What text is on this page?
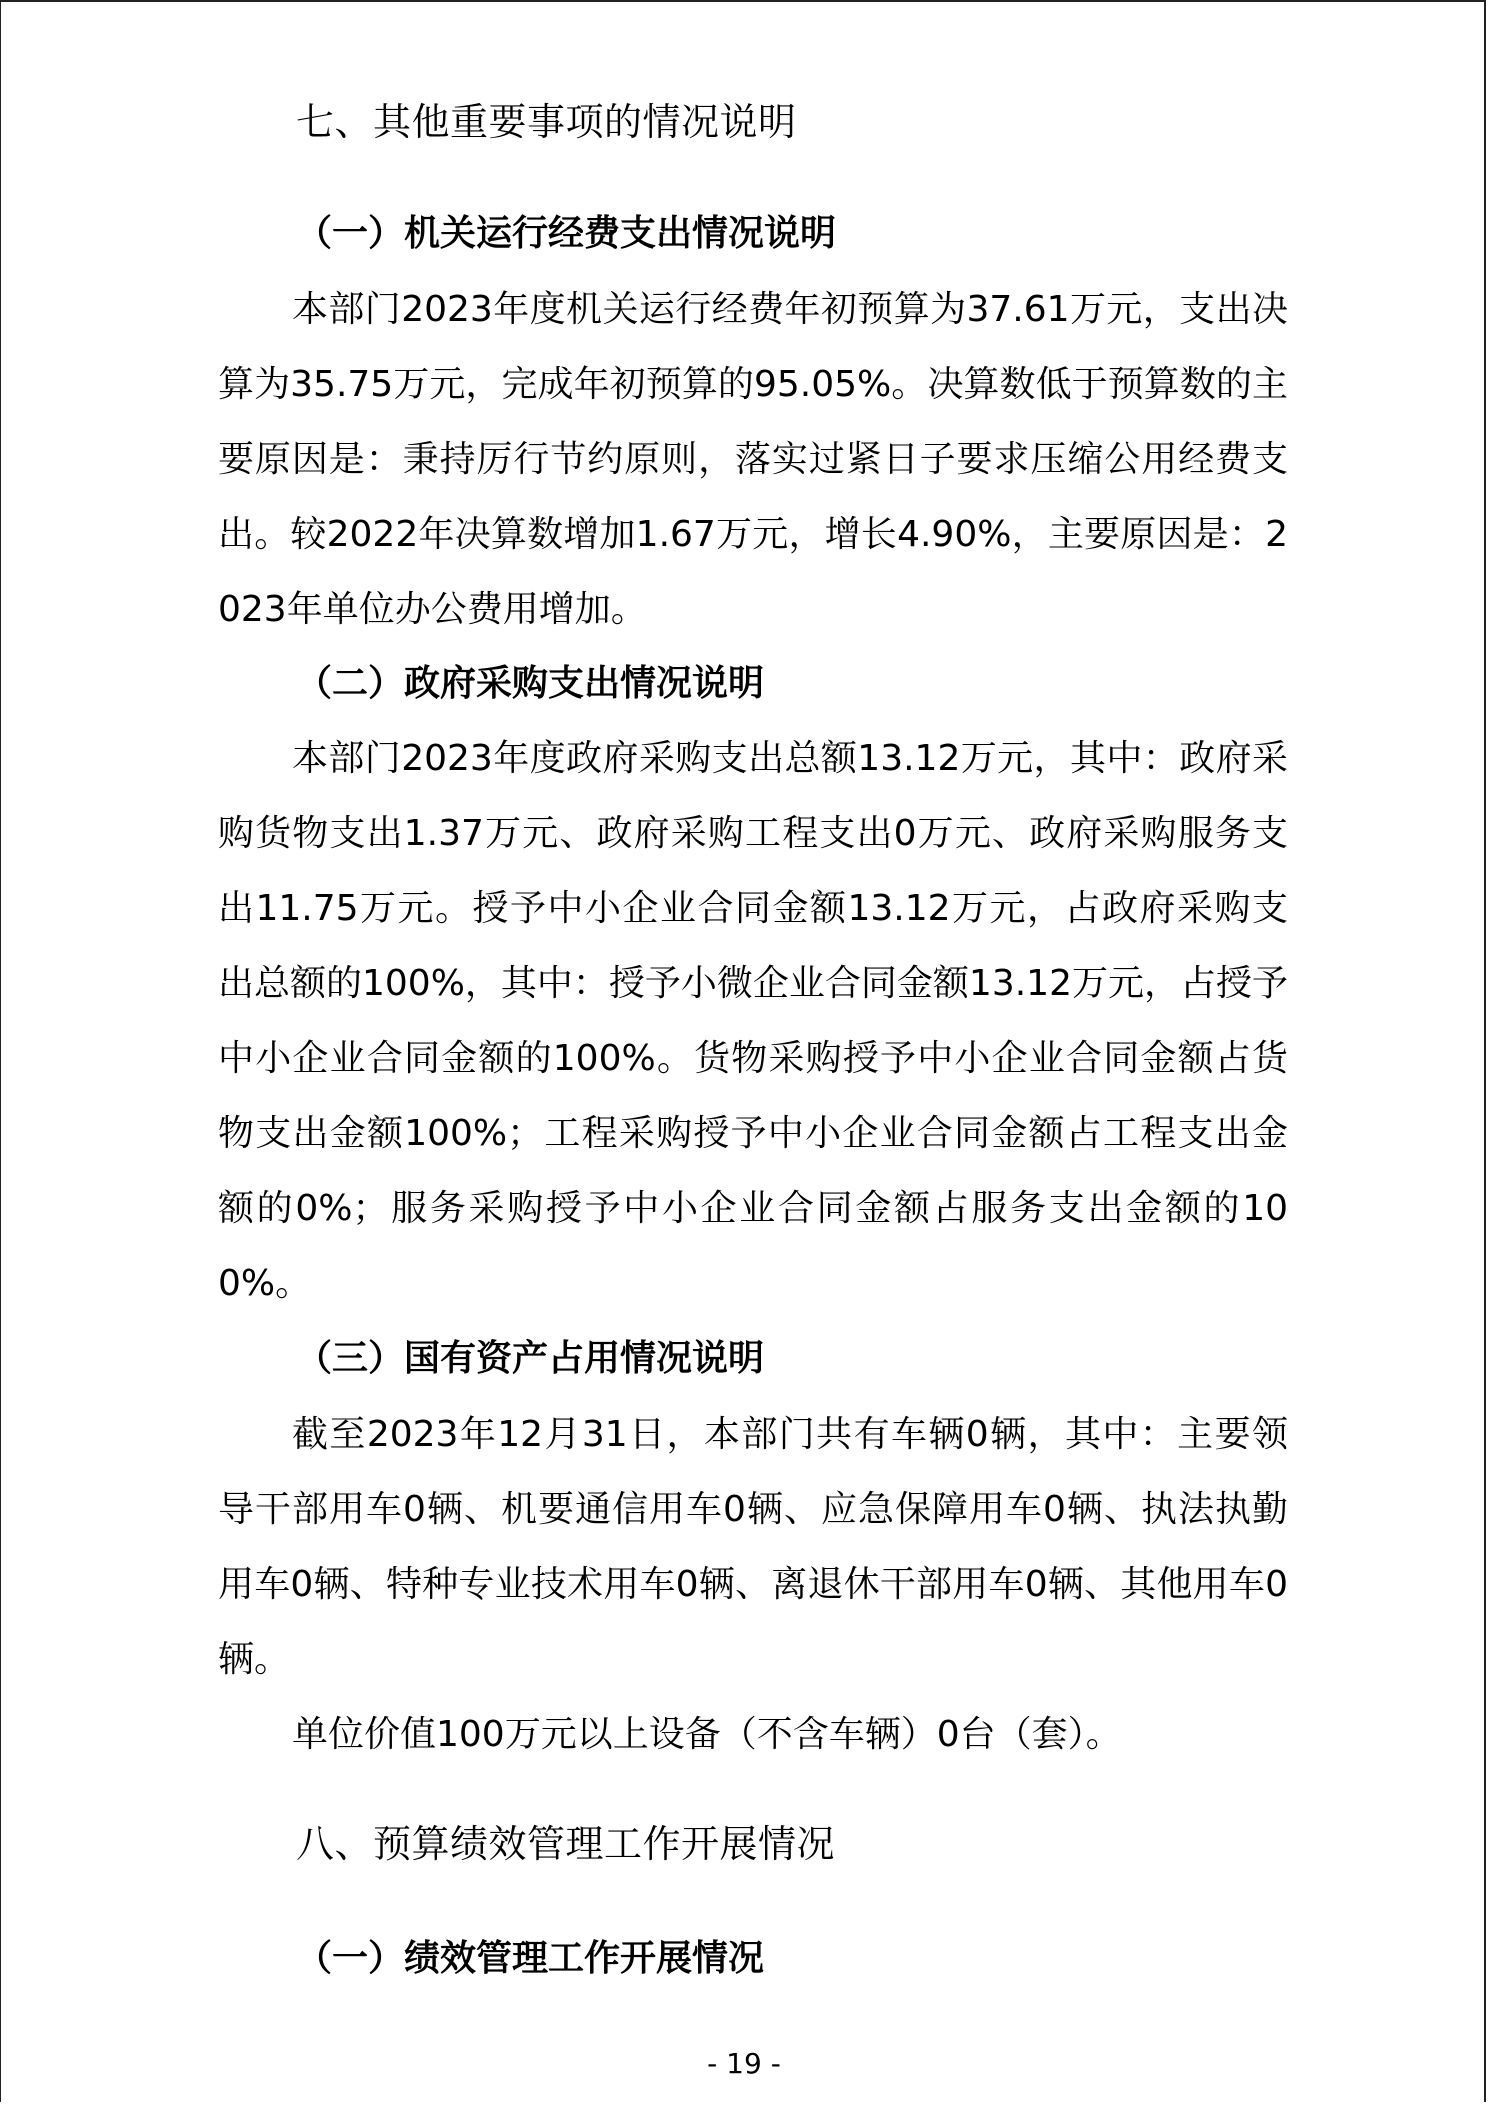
七、其他重要事项的情况说明
（一）机关运行经费支出情况说明
本部门2023年度机关运行经费年初预算为37.61万元，支出决算为35.75万元，完成年初预算的95.05%。决算数低于预算数的主要原因是：秉持厉行节约原则，落实过紧日子要求压缩公用经费支出。较2022年决算数增加1.67万元，增长4.90%，主要原因是：2023年单位办公费用增加。
（二）政府采购支出情况说明
本部门2023年度政府采购支出总额13.12万元，其中：政府采购货物支出1.37万元、政府采购工程支出0万元、政府采购服务支出11.75万元。授予中小企业合同金额13.12万元，占政府采购支出总额的100%，其中：授予小微企业合同金额13.12万元，占授予中小企业合同金额的100%。货物采购授予中小企业合同金额占货物支出金额100%；工程采购授予中小企业合同金额占工程支出金额的0%；服务采购授予中小企业合同金额占服务支出金额的100%。
（三）国有资产占用情况说明
截至2023年12月31日，本部门共有车辆0辆，其中：主要领导干部用车0辆、机要通信用车0辆、应急保障用车0辆、执法执勤用车0辆、特种专业技术用车0辆、离退休干部用车0辆、其他用车0辆。
单位价值100万元以上设备（不含车辆）0台（套）。
八、预算绩效管理工作开展情况
（一）绩效管理工作开展情况
- 19 -
